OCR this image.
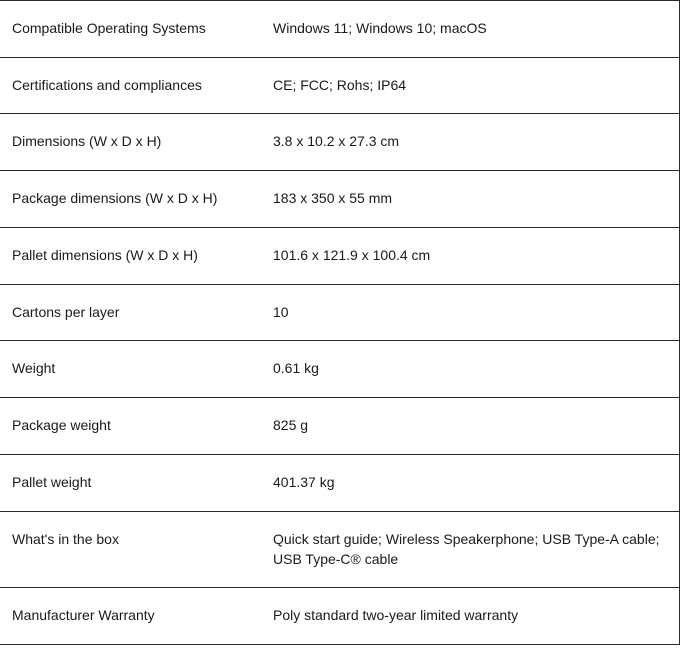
Compatible Operating Systems	Windows 11; Windows 10; macOS
Certifications and compliances	CE; FCC; Rohs; IP64
Dimensions (W x D x H)	3.8 x 10.2 x 27.3 cm
Package dimensions (W x D x H)	183 x 350 x 55 mm
Pallet dimensions (W x D x H)	101.6 x 121.9 x 100.4 cm
Cartons per layer	10
Weight	0.61 kg
Package weight	825 g
Pallet weight	401.37 kg
What's in the box	Quick start guide; Wireless Speakerphone; USB Type-A cable; USB Type-C® cable
Manufacturer Warranty	Poly standard two-year limited warranty
